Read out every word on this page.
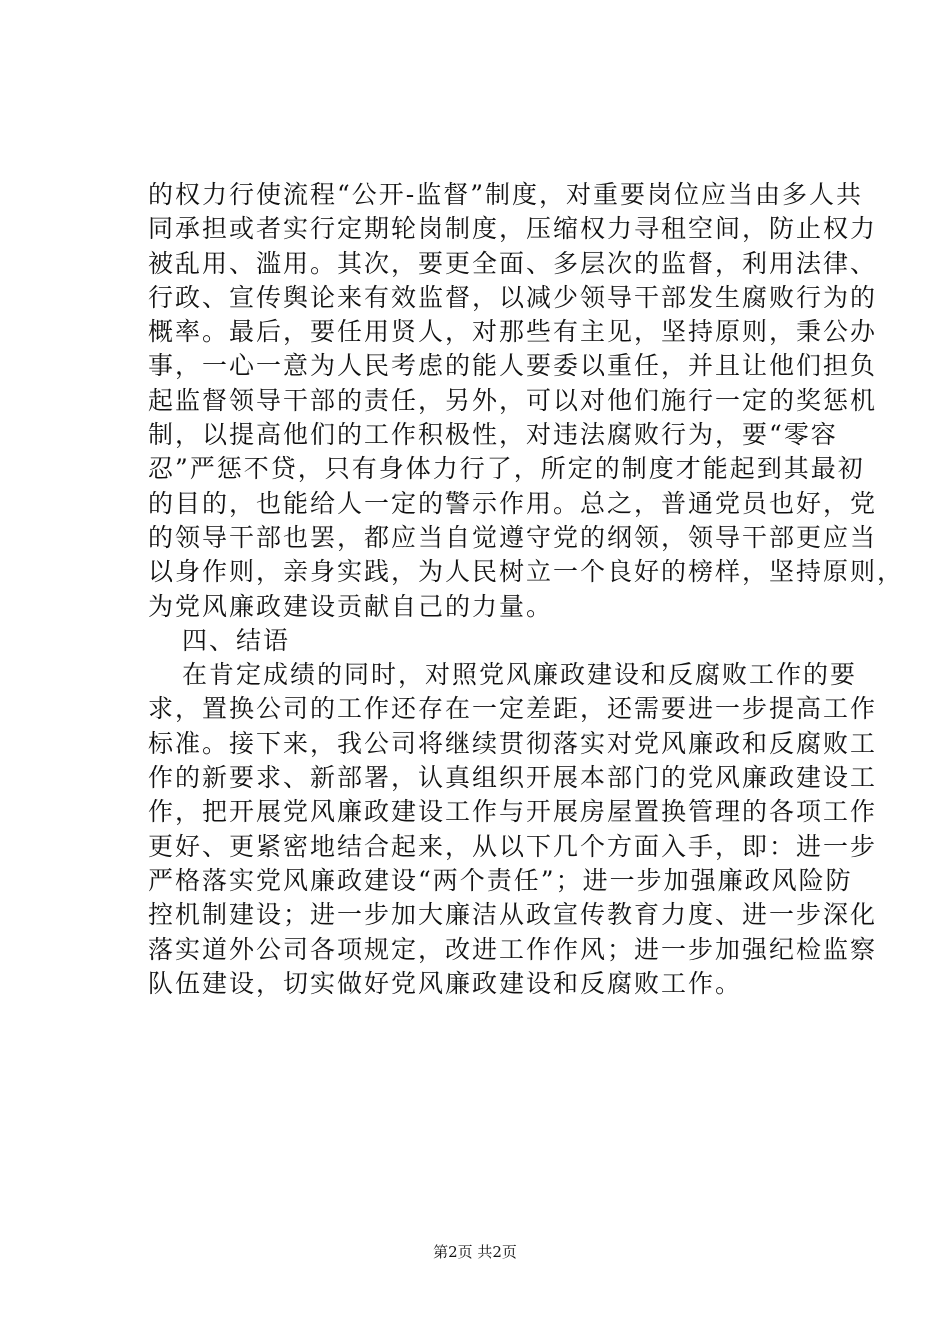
的权力行使流程“公开-监督”制度，对重要岗位应当由多人共
同承担或者实行定期轮岗制度，压缩权力寻租空间，防止权力
被乱用、滥用。其次，要更全面、多层次的监督，利用法律、
行政、宣传舆论来有效监督，以减少领导干部发生腐败行为的
概率。最后，要任用贤人，对那些有主见，坚持原则，秉公办
事，一心一意为人民考虑的能人要委以重任，并且让他们担负
起监督领导干部的责任，另外，可以对他们施行一定的奖惩机
制，以提高他们的工作积极性，对违法腐败行为，要“零容
忍”严惩不贷，只有身体力行了，所定的制度才能起到其最初
的目的，也能给人一定的警示作用。总之，普通党员也好，党
的领导干部也罢，都应当自觉遵守党的纲领，领导干部更应当
以身作则，亲身实践，为人民树立一个良好的榜样，坚持原则，
为党风廉政建设贡献自己的力量。
四、结语
在肯定成绩的同时，对照党风廉政建设和反腐败工作的要
求，置换公司的工作还存在一定差距，还需要进一步提高工作
标准。接下来，我公司将继续贯彻落实对党风廉政和反腐败工
作的新要求、新部署，认真组织开展本部门的党风廉政建设工
作，把开展党风廉政建设工作与开展房屋置换管理的各项工作
更好、更紧密地结合起来，从以下几个方面入手，即：进一步
严格落实党风廉政建设“两个责任”；进一步加强廉政风险防
控机制建设；进一步加大廉洁从政宣传教育力度、进一步深化
落实道外公司各项规定，改进工作作风；进一步加强纪检监察
队伍建设，切实做好党风廉政建设和反腐败工作。
第2页 共2页
